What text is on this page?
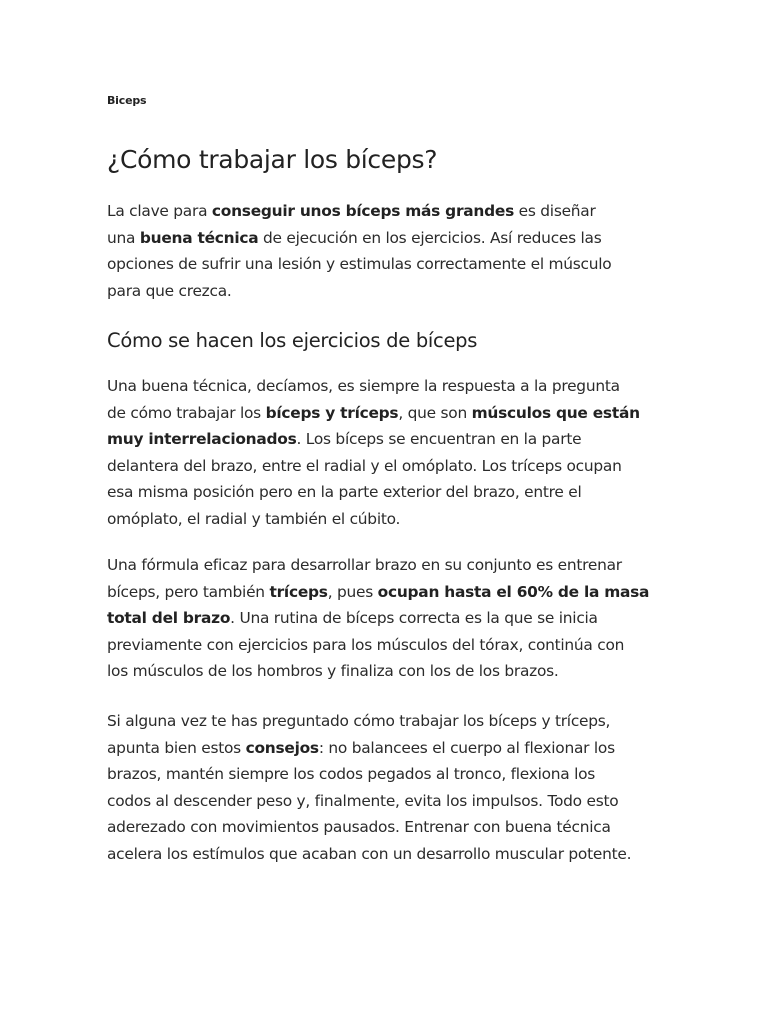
Biceps
¿Cómo trabajar los bíceps?

La clave para conseguir unos bíceps más grandes es diseñar
una buena técnica de ejecución en los ejercicios. Así reduces las
opciones de sufrir una lesión y estimulas correctamente el músculo
para que crezca.

Cómo se hacen los ejercicios de bíceps

Una buena técnica, decíamos, es siempre la respuesta a la pregunta
de cómo trabajar los bíceps y tríceps, que son músculos que están
muy interrelacionados. Los bíceps se encuentran en la parte
delantera del brazo, entre el radial y el omóplato. Los tríceps ocupan
esa misma posición pero en la parte exterior del brazo, entre el
omóplato, el radial y también el cúbito.

Una fórmula eficaz para desarrollar brazo en su conjunto es entrenar
bíceps, pero también tríceps, pues ocupan hasta el 60% de la masa
total del brazo. Una rutina de bíceps correcta es la que se inicia
previamente con ejercicios para los músculos del tórax, continúa con
los músculos de los hombros y finaliza con los de los brazos.

Si alguna vez te has preguntado cómo trabajar los bíceps y tríceps,
apunta bien estos consejos: no balancees el cuerpo al flexionar los
brazos, mantén siempre los codos pegados al tronco, flexiona los
codos al descender peso y, finalmente, evita los impulsos. Todo esto
aderezado con movimientos pausados. Entrenar con buena técnica
acelera los estímulos que acaban con un desarrollo muscular potente.
